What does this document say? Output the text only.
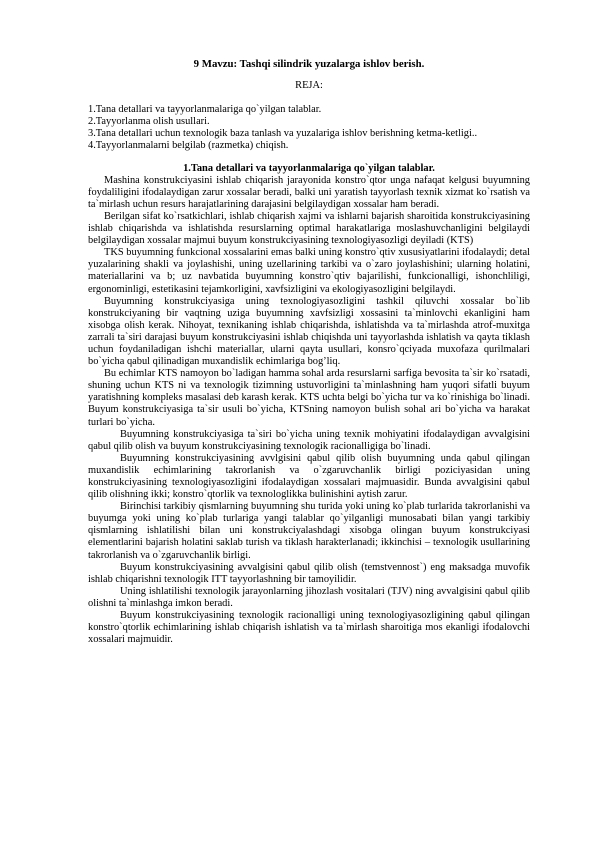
9 Mavzu: Tashqi silindrik yuzalarga ishlov berish.
REJA:
1.Tana detallari va tayyorlanmalariga qo`yilgan talablar.
2.Tayyorlanma olish usullari.
3.Tana detallari uchun texnologik baza tanlash va yuzalariga ishlov berishning ketma-ketligi..
4.Tayyorlanmalarni belgilab (razmetka) chiqish.
1.Tana detallari va tayyorlanmalariga qo`yilgan talablar.

Mashina konstrukciyasini ishlab chiqarish jarayonida konstro`qtor unga nafaqat kelgusi buyumning foydaliligini ifodalaydigan zarur xossalar beradi, balki uni yaratish tayyorlash texnik xizmat ko`rsatish va ta`mirlash uchun resurs harajatlarining darajasini belgilaydigan xossalar ham beradi.

Berilgan sifat ko`rsatkichlari, ishlab chiqarish xajmi va ishlarni bajarish sharoitida konstrukciyasining ishlab chiqarishda va ishlatishda resurslarning optimal harakatlariga moslashuvchanligini belgilaydi belgilaydigan xossalar majmui buyum konstrukciyasining texnologiyasozligi deyiladi (KTS)

TKS buyumning funkcional xossalarini emas balki uning konstro`qtiv xususiyatlarini ifodalaydi; detal yuzalarining shakli va joylashishi, uning uzellarining tarkibi va o`zaro joylashishini; ularning holatini, materiallarini va b; uz navbatida buyumning konstro`qtiv bajarilishi, funkcionalligi, ishonchliligi, ergonominligi, estetikasini tejamkorligini, xavfsizligini va ekologiyasozligini belgilaydi.

Buyumning konstrukciyasiga uning texnologiyasozligini tashkil qiluvchi xossalar bo`lib konstrukciyaning bir vaqtning uziga buyumning xavfsizligi xossasini ta`minlovchi ekanligini ham xisobga olish kerak. Nihoyat, texnikaning ishlab chiqarishda, ishlatishda va ta`mirlashda atrof-muxitga zarrali ta`siri darajasi buyum konstrukciyasini ishlab chiqishda uni tayyorlashda ishlatish va qayta tiklash uchun foydaniladigan ishchi materiallar, ularni qayta usullari, konsro`qciyada muxofaza qurilmalari bo`yicha qabul qilinadigan muxandislik echimlariga bog’liq.

Bu echimlar KTS namoyon bo`ladigan hamma sohal arda resurslarni sarfiga bevosita ta`sir ko`rsatadi, shuning uchun KTS ni va texnologik tizimning ustuvorligini ta`minlashning ham yuqori sifatli buyum yaratishning kompleks masalasi deb karash kerak. KTS uchta belgi bo`yicha tur va ko`rinishiga bo`linadi. Buyum konstrukciyasiga ta`sir usuli bo`yicha, KTSning namoyon bulish sohal ari bo`yicha va harakat turlari bo`yicha.

Buyumning konstrukciyasiga ta`siri bo`yicha uning texnik mohiyatini ifodalaydigan avvalgisini qabul qilib olish va buyum konstrukciyasining texnologik racionalligiga bo`linadi.

Buyumning konstrukciyasining avvlgisini qabul qilib olish buyumning unda qabul qilingan muxandislik echimlarining takrorlanish va o`zgaruvchanlik birligi poziciyasidan uning konstrukciyasining texnologiyasozligini ifodalaydigan xossalari majmuasidir. Bunda avvalgisini qabul qilib olishning ikki; konstro`qtorlik va texnologlikka bulinishini aytish zarur.

Birinchisi tarkibiy qismlarning buyumning shu turida yoki uning ko`plab turlarida takrorlanishi va buyumga yoki uning ko`plab turlariga yangi talablar qo`yilganligi munosabati bilan yangi tarkibiy qismlarning ishlatilishi bilan uni konstrukciyalashdagi xisobga olingan buyum konstrukciyasi elementlarini bajarish holatini saklab turish va tiklash harakterlanadi; ikkinchisi – texnologik usullarining takrorlanish va o`zgaruvchanlik birligi.

Buyum konstrukciyasining avvalgisini qabul qilib olish (temstvennost`) eng maksadga muvofik ishlab chiqarishni texnologik ITT tayyorlashning bir tamoyilidir.

Uning ishlatilishi texnologik jarayonlarning jihozlash vositalari (TJV) ning avvalgisini qabul qilib olishni ta`minlashga imkon beradi.

Buyum konstrukciyasining texnologik racionalligi uning texnologiyasozligining qabul qilingan konstro`qtorlik echimlarining ishlab chiqarish ishlatish va ta`mirlash sharoitiga mos ekanligi ifodalovchi xossalari majmuidir.
